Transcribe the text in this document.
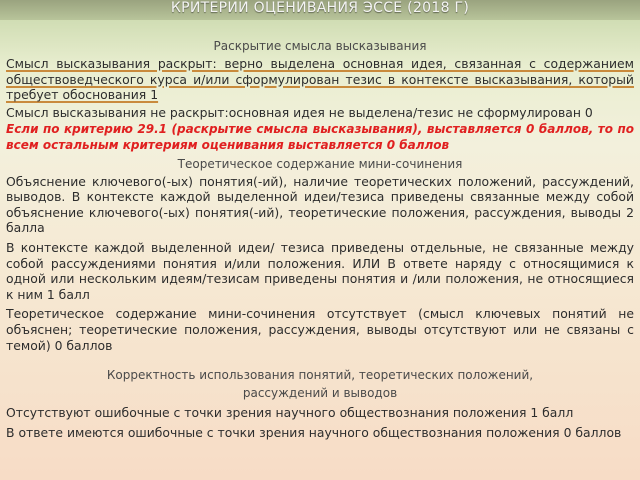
КРИТЕРИИ ОЦЕНИВАНИЯ ЭССЕ (2018 Г)
Раскрытие смысла высказывания
Смысл высказывания раскрыт: верно выделена основная идея, связанная с содержанием обществоведческого курса и/или сформулирован тезис в контексте высказывания, который требует обоснования 1
Смысл высказывания не раскрыт:основная идея не выделена/тезис не сформулирован 0
Если по критерию 29.1 (раскрытие смысла высказывания), выставляется 0 баллов, то по всем остальным критериям оценивания выставляется 0 баллов
Теоретическое содержание мини-сочинения
Объяснение ключевого(-ых) понятия(-ий), наличие теоретических положений, рассуждений, выводов. В контексте каждой выделенной идеи/тезиса приведены связанные между собой объяснение ключевого(-ых) понятия(-ий), теоретические положения, рассуждения, выводы 2 балла
В контексте каждой выделенной идеи/ тезиса приведены отдельные, не связанные между собой рассуждениями понятия и/или положения. ИЛИ В ответе наряду с относящимися к одной или нескольким идеям/тезисам приведены понятия и /или положения, не относящиеся к ним 1 балл
Теоретическое содержание мини-сочинения отсутствует (смысл ключевых понятий не объяснен; теоретические положения, рассуждения, выводы отсутствуют или не связаны с темой) 0 баллов
Корректность использования понятий, теоретических положений,
рассуждений и выводов
Отсутствуют ошибочные с точки зрения научного обществознания положения 1 балл
В ответе имеются ошибочные с точки зрения научного обществознания положения 0 баллов
